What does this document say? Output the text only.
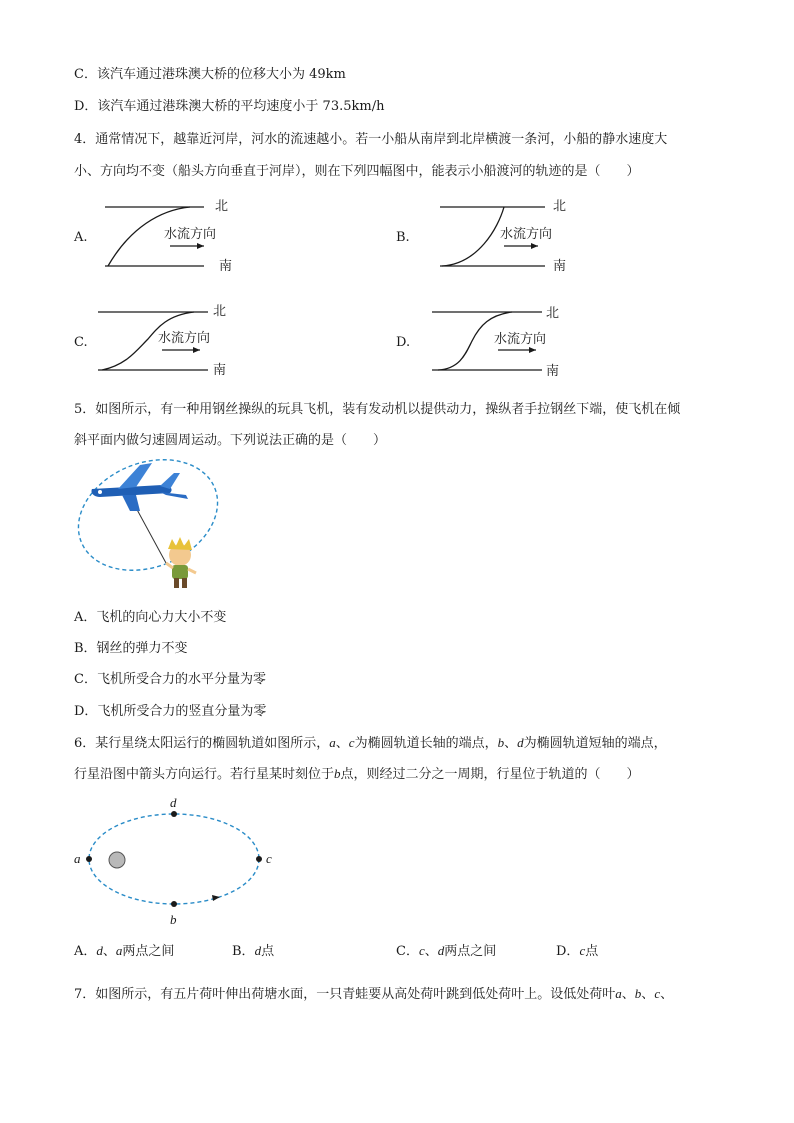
C．该汽车通过港珠澳大桥的位移大小为 49km
D．该汽车通过港珠澳大桥的平均速度小于 73.5km/h
4．通常情况下，越靠近河岸，河水的流速越小。若一小船从南岸到北岸横渡一条河，小船的静水速度大
小、方向均不变（船头方向垂直于河岸），则在下列四幅图中，能表示小船渡河的轨迹的是（　　）
A.
北
南
水流方向	B.
北
南
水流方向
C.
北
南
水流方向	D.
北
南
水流方向
5．如图所示，有一种用钢丝操纵的玩具飞机，装有发动机以提供动力，操纵者手拉钢丝下端，使飞机在倾
斜平面内做匀速圆周运动。下列说法正确的是（　　）
A．飞机的向心力大小不变
B．钢丝的弹力不变
C．飞机所受合力的水平分量为零
D．飞机所受合力的竖直分量为零
6．某行星绕太阳运行的椭圆轨道如图所示，a、c为椭圆轨道长轴的端点，b、d为椭圆轨道短轴的端点，
行星沿图中箭头方向运行。若行星某时刻位于b点，则经过二分之一周期，行星位于轨道的（　　）
a	c
d
b
A．d、a两点之间	B．d点	C．c、d两点之间	D．c点
7．如图所示，有五片荷叶伸出荷塘水面，一只青蛙要从高处荷叶跳到低处荷叶上。设低处荷叶a、b、c、
